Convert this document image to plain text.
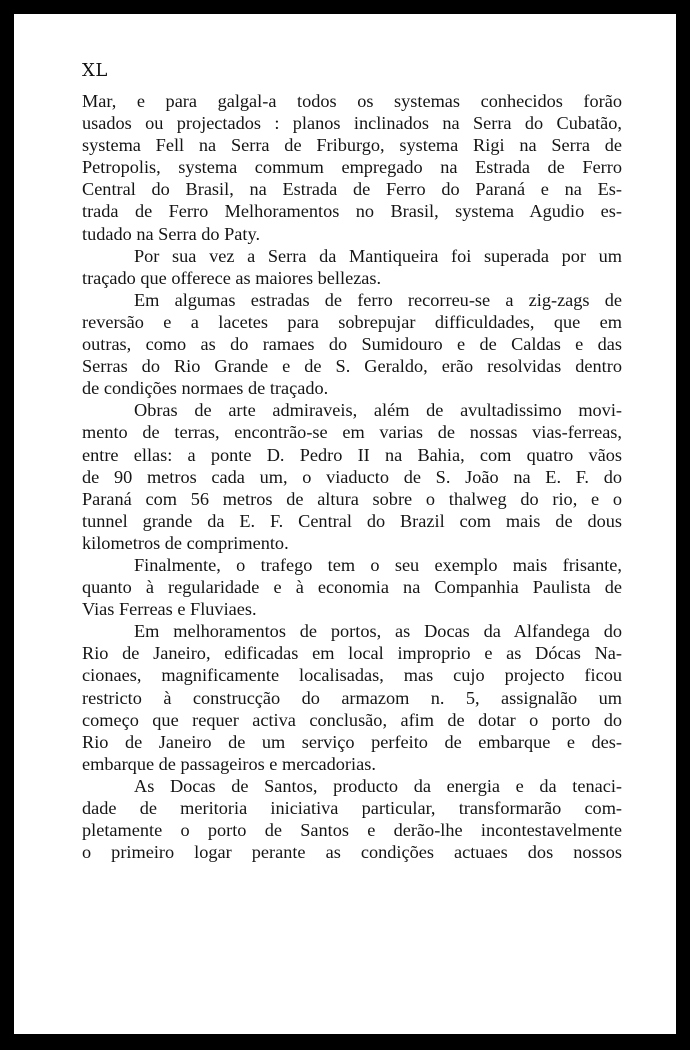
XL
Mar, e para galgal-a todos os systemas conhecidos forão
usados ou projectados : planos inclinados na Serra do Cubatão,
systema Fell na Serra de Friburgo, systema Rigi na Serra de
Petropolis, systema commum empregado na Estrada de Ferro
Central do Brasil, na Estrada de Ferro do Paraná e na Es-
trada de Ferro Melhoramentos no Brasil, systema Agudio es-
tudado na Serra do Paty.
Por sua vez a Serra da Mantiqueira foi superada por um
traçado que offerece as maiores bellezas.
Em algumas estradas de ferro recorreu-se a zig-zags de
reversão e a lacetes para sobrepujar difficuldades, que em
outras, como as do ramaes do Sumidouro e de Caldas e das
Serras do Rio Grande e de S. Geraldo, erão resolvidas dentro
de condições normaes de traçado.
Obras de arte admiraveis, além de avultadissimo movi-
mento de terras, encontrão-se em varias de nossas vias-ferreas,
entre ellas: a ponte D. Pedro II na Bahia, com quatro vãos
de 90 metros cada um, o viaducto de S. João na E. F. do
Paraná com 56 metros de altura sobre o thalweg do rio, e o
tunnel grande da E. F. Central do Brazil com mais de dous
kilometros de comprimento.
Finalmente, o trafego tem o seu exemplo mais frisante,
quanto à regularidade e à economia na Companhia Paulista de
Vias Ferreas e Fluviaes.
Em melhoramentos de portos, as Docas da Alfandega do
Rio de Janeiro, edificadas em local improprio e as Dócas Na-
cionaes, magnificamente localisadas, mas cujo projecto ficou
restricto à construcção do armazom n. 5, assignalão um
começo que requer activa conclusão, afim de dotar o porto do
Rio de Janeiro de um serviço perfeito de embarque e des-
embarque de passageiros e mercadorias.
As Docas de Santos, producto da energia e da tenaci-
dade de meritoria iniciativa particular, transformarão com-
pletamente o porto de Santos e derão-lhe incontestavelmente
o primeiro logar perante as condições actuaes dos nossos
